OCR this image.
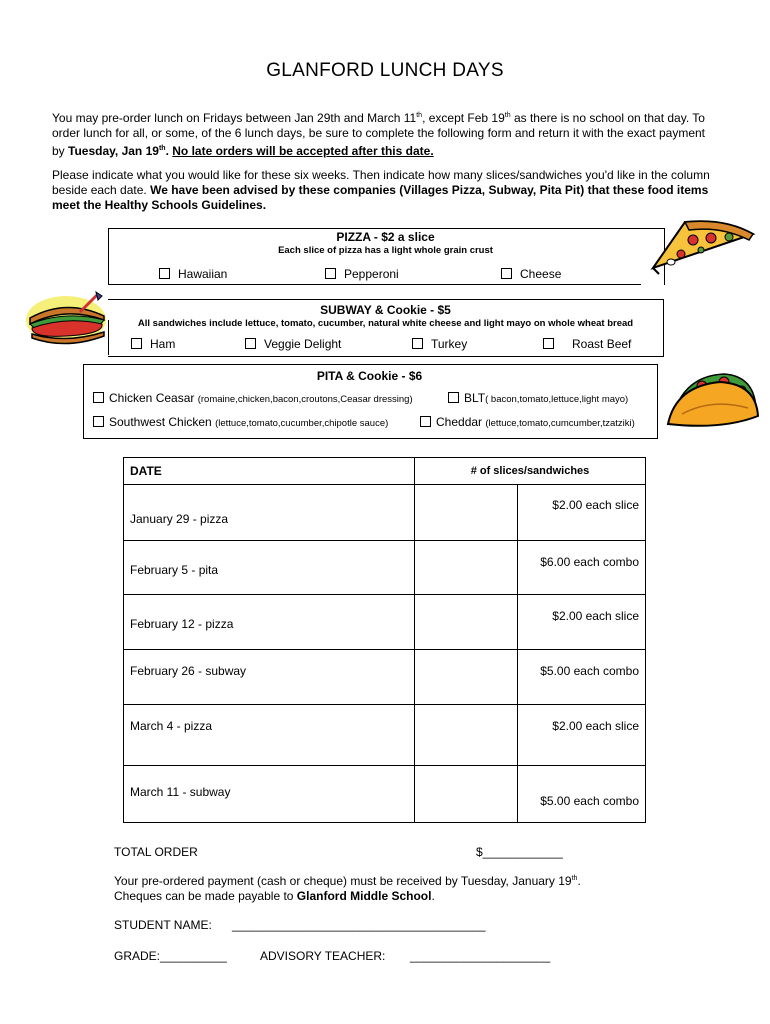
GLANFORD LUNCH DAYS
You may pre-order lunch on Fridays between Jan 29th and March 11th, except Feb 19th as there is no school on that day. To order lunch for all, or some, of the 6 lunch days, be sure to complete the following form and return it with the exact payment by Tuesday, Jan 19th. No late orders will be accepted after this date.
Please indicate what you would like for these six weeks. Then indicate how many slices/sandwiches you'd like in the column beside each date. We have been advised by these companies (Villages Pizza, Subway, Pita Pit) that these food items meet the Healthy Schools Guidelines.
PIZZA - $2 a slice
Each slice of pizza has a light whole grain crust
Hawaiian	Pepperoni	Cheese
SUBWAY & Cookie - $5
All sandwiches include lettuce, tomato, cucumber, natural white cheese and light mayo on whole wheat bread
Ham	Veggie Delight	Turkey	Roast Beef
PITA & Cookie - $6
Chicken Ceasar (romaine,chicken,bacon,croutons,Ceasar dressing)	BLT( bacon,tomato,lettuce,light mayo)
Southwest Chicken (lettuce,tomato,cucumber,chipotle sauce)	Cheddar (lettuce,tomato,cumcumber,tzatziki)
DATE	# of slices/sandwiches	
January 29 - pizza		$2.00 each slice
February 5 - pita		$6.00 each combo
February 12 - pizza		$2.00 each slice
February 26 - subway		$5.00 each combo
March 4 - pizza		$2.00 each slice
March 11 - subway		$5.00 each combo
TOTAL ORDER	$____________
Your pre-ordered payment (cash or cheque) must be received by Tuesday, January 19th.
Cheques can be made payable to Glanford Middle School.
STUDENT NAME: ______________________________________
GRADE:__________	ADVISORY TEACHER: _____________________
